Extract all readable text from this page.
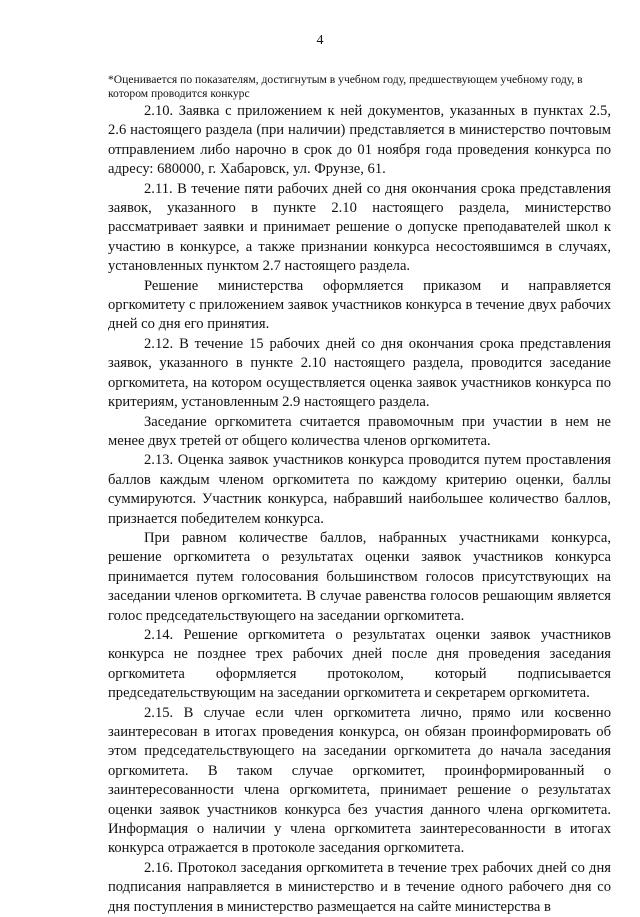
4
*Оценивается по показателям, достигнутым в учебном году, предшествующем учебному году, в котором проводится конкурс

2.10. Заявка с приложением к ней документов, указанных в пунктах 2.5, 2.6 настоящего раздела (при наличии) представляется в министерство почтовым отправлением либо нарочно в срок до 01 ноября года проведения конкурса по адресу: 680000, г. Хабаровск, ул. Фрунзе, 61.

2.11. В течение пяти рабочих дней со дня окончания срока представления заявок, указанного в пункте 2.10 настоящего раздела, министерство рассматривает заявки и принимает решение о допуске преподавателей школ к участию в конкурсе, а также признании конкурса несостоявшимся в случаях, установленных пунктом 2.7 настоящего раздела.

Решение министерства оформляется приказом и направляется оргкомитету с приложением заявок участников конкурса в течение двух рабочих дней со дня его принятия.

2.12. В течение 15 рабочих дней со дня окончания срока представления заявок, указанного в пункте 2.10 настоящего раздела, проводится заседание оргкомитета, на котором осуществляется оценка заявок участников конкурса по критериям, установленным 2.9 настоящего раздела.

Заседание оргкомитета считается правомочным при участии в нем не менее двух третей от общего количества членов оргкомитета.

2.13. Оценка заявок участников конкурса проводится путем проставления баллов каждым членом оргкомитета по каждому критерию оценки, баллы суммируются. Участник конкурса, набравший наибольшее количество баллов, признается победителем конкурса.

При равном количестве баллов, набранных участниками конкурса, решение оргкомитета о результатах оценки заявок участников конкурса принимается путем голосования большинством голосов присутствующих на заседании членов оргкомитета. В случае равенства голосов решающим является голос председательствующего на заседании оргкомитета.

2.14. Решение оргкомитета о результатах оценки заявок участников конкурса не позднее трех рабочих дней после дня проведения заседания оргкомитета оформляется протоколом, который подписывается председательствующим на заседании оргкомитета и секретарем оргкомитета.

2.15. В случае если член оргкомитета лично, прямо или косвенно заинтересован в итогах проведения конкурса, он обязан проинформировать об этом председательствующего на заседании оргкомитета до начала заседания оргкомитета. В таком случае оргкомитет, проинформированный о заинтересованности члена оргкомитета, принимает решение о результатах оценки заявок участников конкурса без участия данного члена оргкомитета. Информация о наличии у члена оргкомитета заинтересованности в итогах конкурса отражается в протоколе заседания оргкомитета.

2.16. Протокол заседания оргкомитета в течение трех рабочих дней со дня подписания направляется в министерство и в течение одного рабочего дня со дня поступления в министерство размещается на сайте министерства в
